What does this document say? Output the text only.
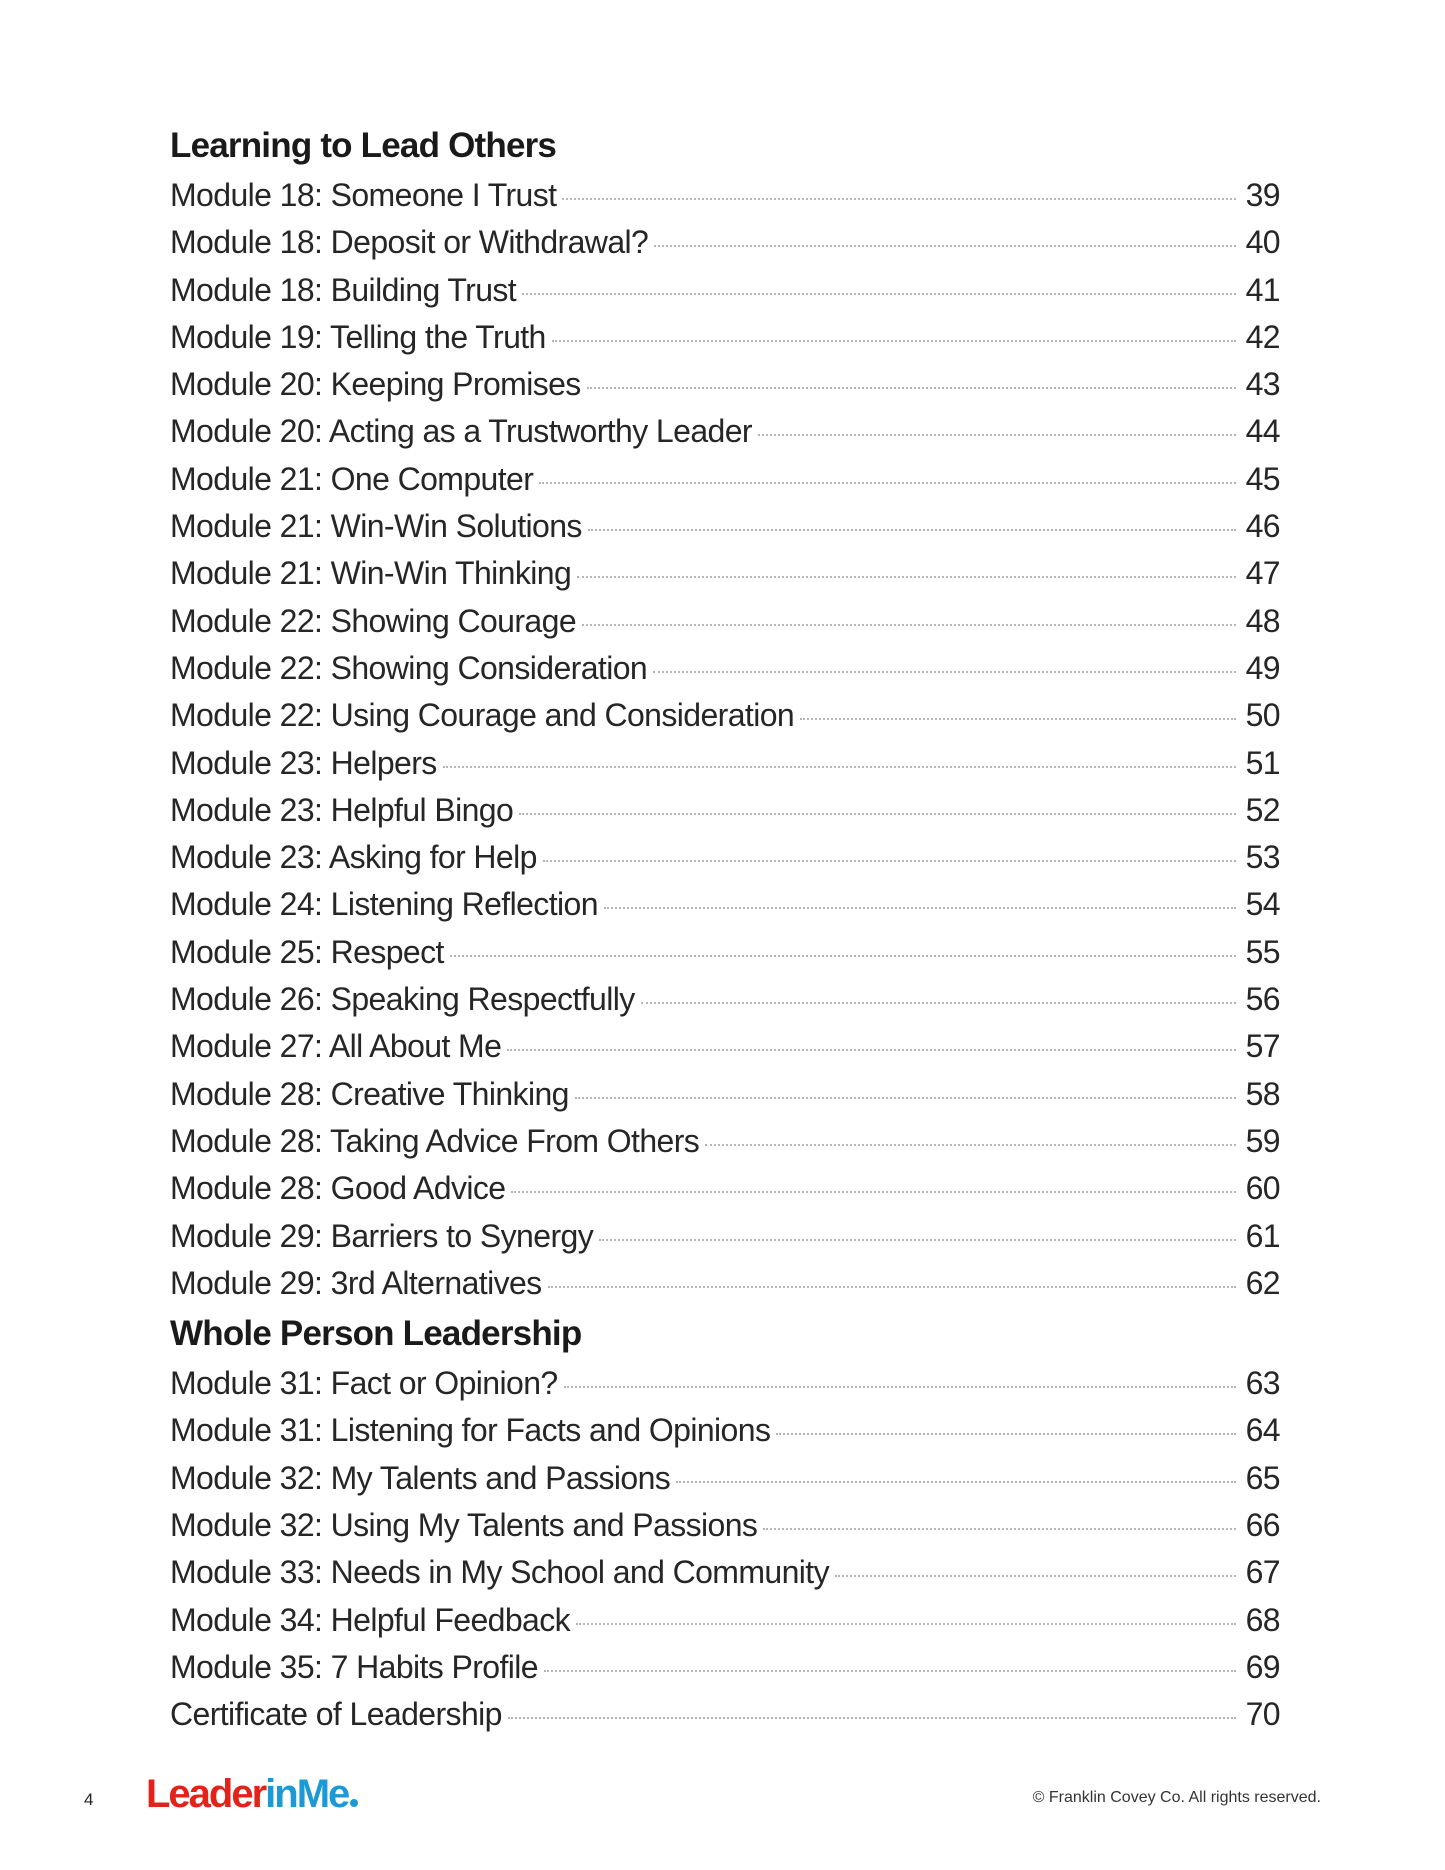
Learning to Lead Others
Module 18: Someone I Trust	39
Module 18: Deposit or Withdrawal?	40
Module 18: Building Trust	41
Module 19: Telling the Truth	42
Module 20: Keeping Promises	43
Module 20: Acting as a Trustworthy Leader	44
Module 21: One Computer	45
Module 21: Win-Win Solutions	46
Module 21: Win-Win Thinking	47
Module 22: Showing Courage	48
Module 22: Showing Consideration	49
Module 22: Using Courage and Consideration	50
Module 23: Helpers	51
Module 23: Helpful Bingo	52
Module 23: Asking for Help	53
Module 24: Listening Reflection	54
Module 25: Respect	55
Module 26: Speaking Respectfully	56
Module 27: All About Me	57
Module 28: Creative Thinking	58
Module 28: Taking Advice From Others	59
Module 28: Good Advice	60
Module 29: Barriers to Synergy	61
Module 29: 3rd Alternatives	62
Whole Person Leadership
Module 31: Fact or Opinion?	63
Module 31: Listening for Facts and Opinions	64
Module 32: My Talents and Passions	65
Module 32: Using My Talents and Passions	66
Module 33: Needs in My School and Community	67
Module 34: Helpful Feedback	68
Module 35: 7 Habits Profile	69
Certificate of Leadership	70
4 LeaderinMe	© Franklin Covey Co. All rights reserved.
